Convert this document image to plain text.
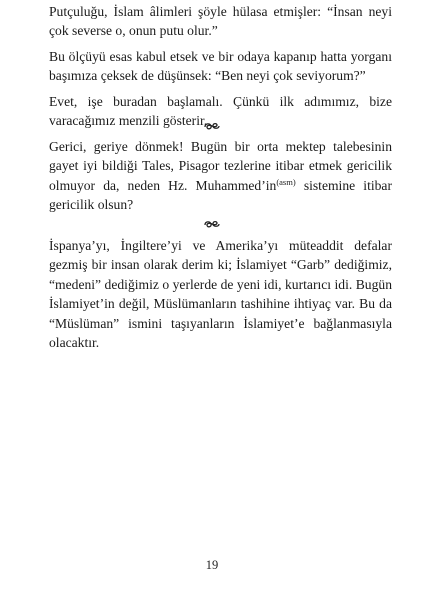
Putçuluğu, İslam âlimleri şöyle hülasa etmişler: “İnsan neyi çok severse o, onun putu olur.”

Bu ölçüyü esas kabul etsek ve bir odaya kapanıp hatta yorganı başımıza çeksek de düşünsek: “Ben neyi çok seviyorum?”

Evet, işe buradan başlamalı. Çünkü ilk adımımız, bize varacağımız menzili gösterir.

Gerici, geriye dönmek! Bugün bir orta mektep talebesinin gayet iyi bildiği Tales, Pisagor tezlerine itibar etmek gericilik olmuyor da, neden Hz. $Muhammed’in^{(asm)}$ sistemine itibar gericilik olsun?

İspanya’yı, İngiltere’yi ve Amerika’yı müteaddit defalar gezmiş bir insan olarak derim ki; İslamiyet “Garb” dediğimiz, “medeni” dediğimiz o yerlerde de yeni idi, kurtarıcı idi. Bugün İslamiyet’in değil, Müslümanların tashihine ihtiyaç var. Bu da “Müslüman” ismini taşıyanların İslamiyet’e bağlanmasıyla olacaktır.

19
